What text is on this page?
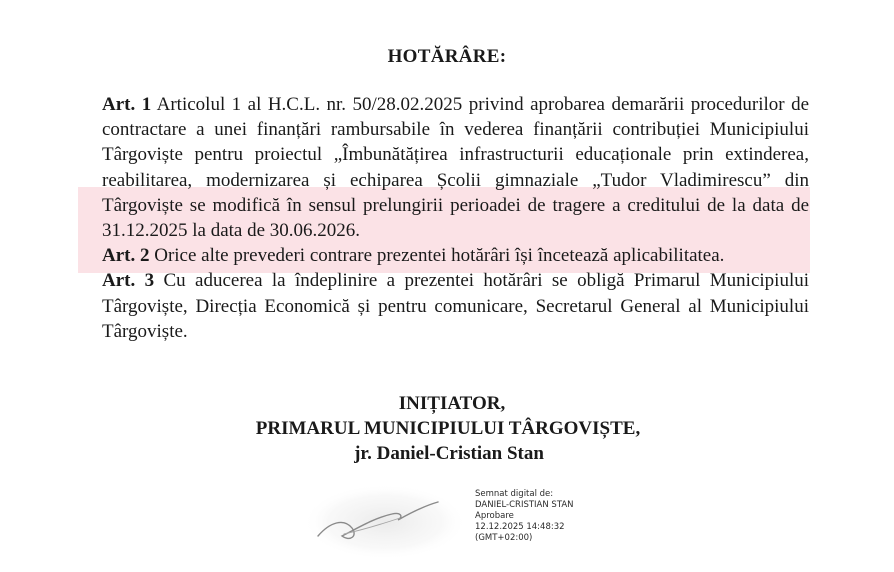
HOTĂRÂRE:

Art. 1 Articolul 1 al H.C.L. nr. 50/28.02.2025 privind aprobarea demarării procedurilor de contractare a unei finanțări rambursabile în vederea finanțării contribuției Municipiului Târgoviște pentru proiectul „Îmbunătățirea infrastructurii educaționale prin extinderea, reabilitarea, modernizarea și echiparea Școlii gimnaziale „Tudor Vladimirescu” din Târgoviște se modifică în sensul prelungirii perioadei de tragere a creditului de la data de 31.12.2025 la data de 30.06.2026.

Art. 2 Orice alte prevederi contrare prezentei hotărâri își încetează aplicabilitatea.

Art. 3 Cu aducerea la îndeplinire a prezentei hotărâri se obligă Primarul Municipiului Târgoviște, Direcția Economică și pentru comunicare, Secretarul General al Municipiului Târgoviște.

INIȚIATOR,
PRIMARUL MUNICIPIULUI TÂRGOVIȘTE,
jr. Daniel-Cristian Stan
Semnat digital de:
DANIEL-CRISTIAN STAN
Aprobare
12.12.2025 14:48:32
(GMT+02:00)
